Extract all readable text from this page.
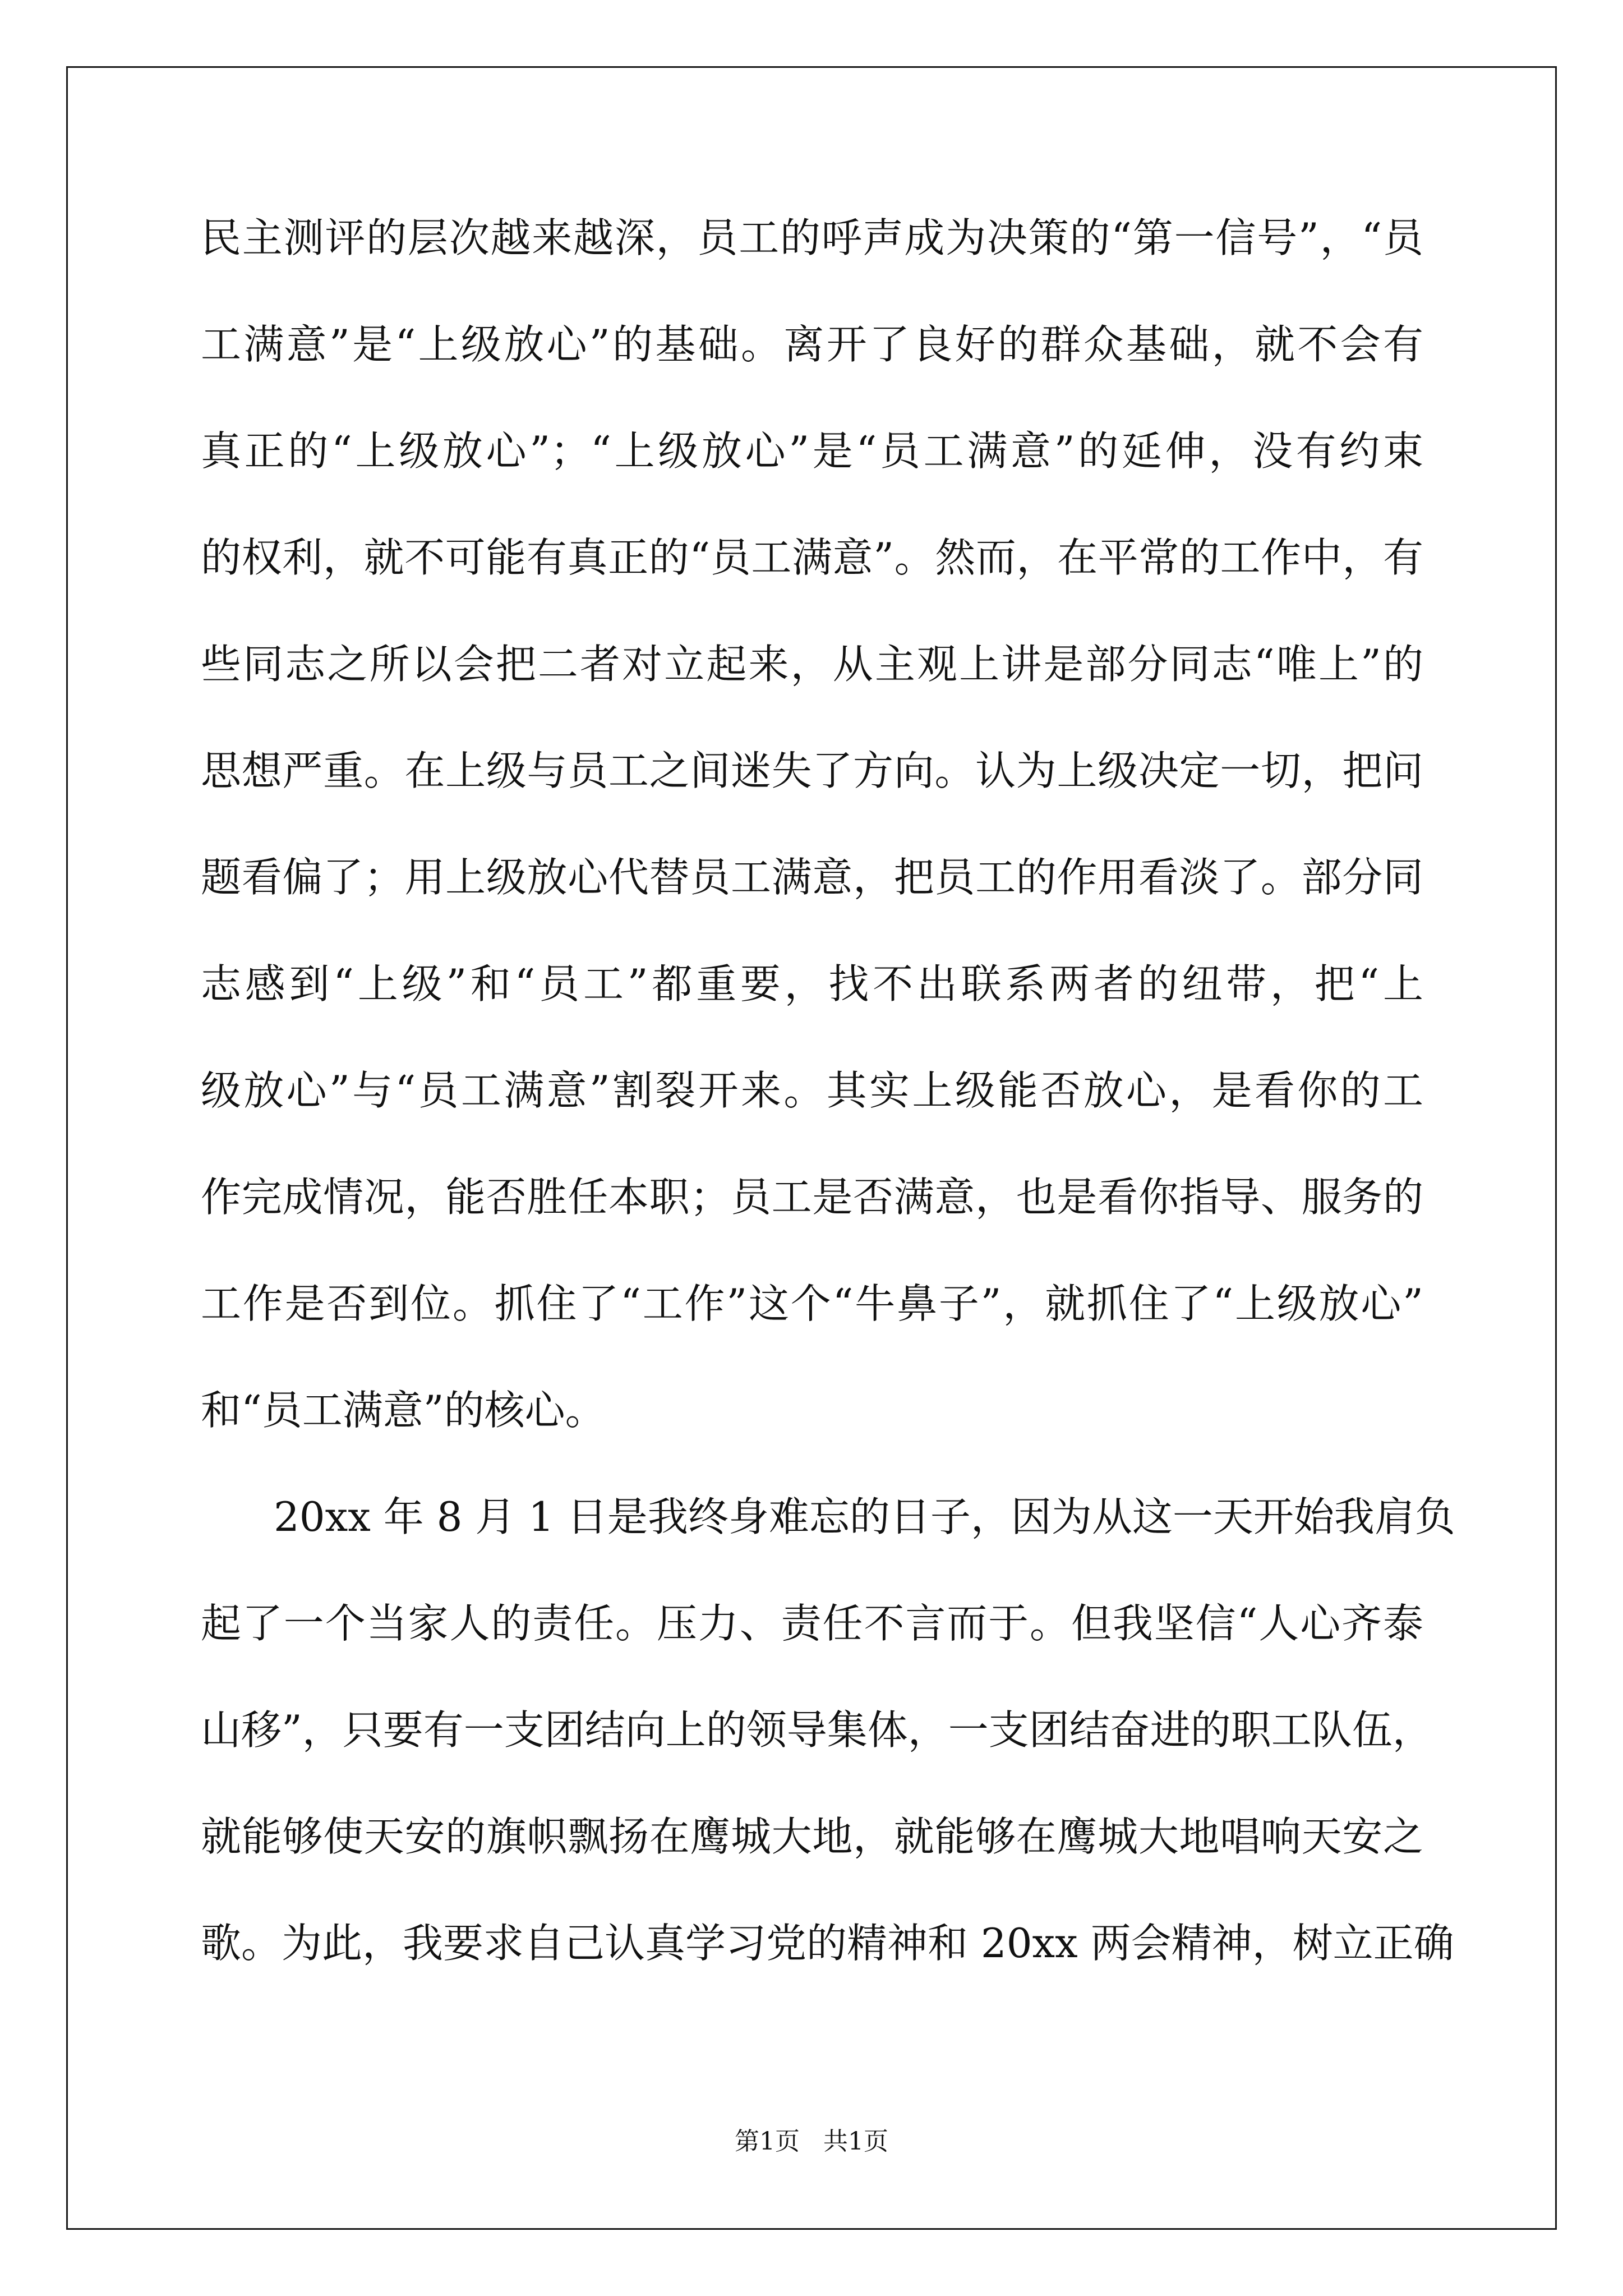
民主测评的层次越来越深，员工的呼声成为决策的“第一信号”，“员
工满意”是“上级放心”的基础。离开了良好的群众基础，就不会有
真正的“上级放心”；“上级放心”是“员工满意”的延伸，没有约束
的权利，就不可能有真正的“员工满意”。然而，在平常的工作中，有
些同志之所以会把二者对立起来，从主观上讲是部分同志“唯上”的
思想严重。在上级与员工之间迷失了方向。认为上级决定一切，把问
题看偏了；用上级放心代替员工满意，把员工的作用看淡了。部分同
志感到“上级”和“员工”都重要，找不出联系两者的纽带，把“上
级放心”与“员工满意”割裂开来。其实上级能否放心，是看你的工
作完成情况，能否胜任本职；员工是否满意，也是看你指导、服务的
工作是否到位。抓住了“工作”这个“牛鼻子”，就抓住了“上级放心”
和“员工满意”的核心。
20xx 年 8 月 1 日是我终身难忘的日子，因为从这一天开始我肩负
起了一个当家人的责任。压力、责任不言而于。但我坚信“人心齐泰
山移”，只要有一支团结向上的领导集体，一支团结奋进的职工队伍，
就能够使天安的旗帜飘扬在鹰城大地，就能够在鹰城大地唱响天安之
歌。为此，我要求自己认真学习党的精神和 20xx 两会精神，树立正确
第1页   共1页
